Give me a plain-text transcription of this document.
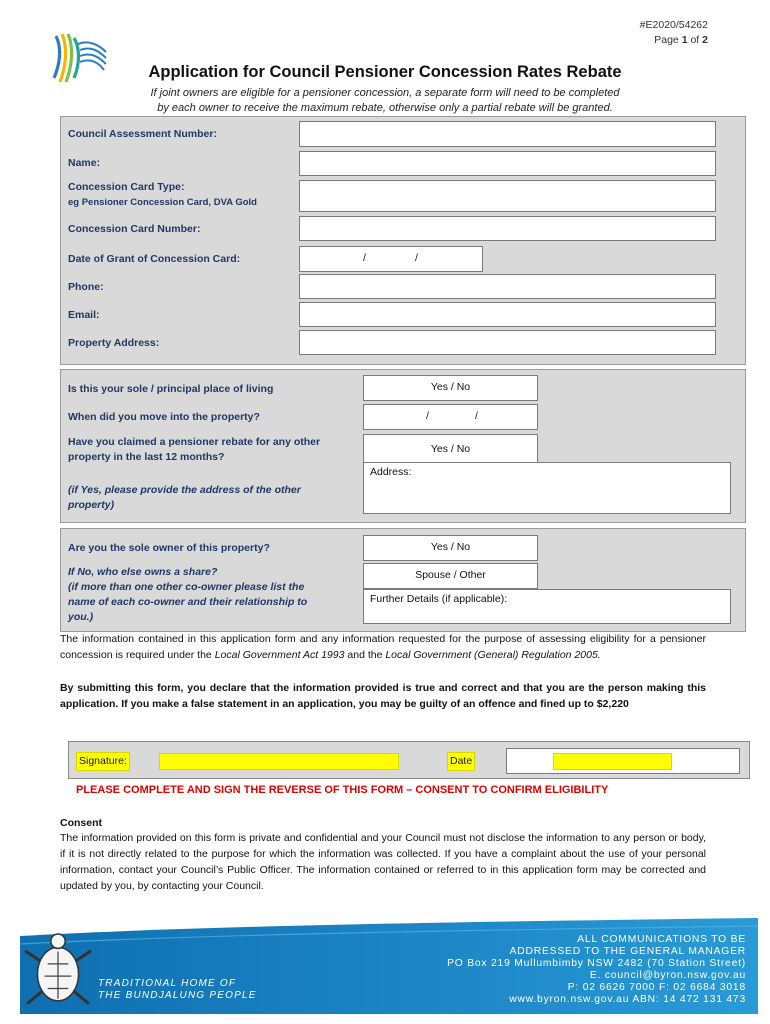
#E2020/54262
Page 1 of 2
Application for Council Pensioner Concession Rates Rebate
If joint owners are eligible for a pensioner concession, a separate form will need to be completed
by each owner to receive the maximum rebate, otherwise only a partial rebate will be granted.
Council Assessment Number:
Name:
Concession Card Type:
eg Pensioner Concession Card, DVA Gold
Concession Card Number:
Date of Grant of Concession Card:	/	/
Phone:
Email:
Property Address:
Is this your sole / principal place of living	Yes / No
When did you move into the property?	/	/
Have you claimed a pensioner rebate for any other
property in the last 12 months?
Yes / No
Address:
(if Yes, please provide the address of the other
property)
Are you the sole owner of this property?	Yes / No
If No, who else owns a share?
(if more than one other co-owner please list the
name of each co-owner and their relationship to
you.)
Spouse / Other
Further Details (if applicable):
The information contained in this application form and any information requested for the purpose of assessing eligibility for a pensioner concession is required under the Local Government Act 1993 and the Local Government (General) Regulation 2005.
By submitting this form, you declare that the information provided is true and correct and that you are the person making this application. If you make a false statement in an application, you may be guilty of an offence and fined up to $2,220
Signature:	Date
PLEASE COMPLETE AND SIGN THE REVERSE OF THIS FORM – CONSENT TO CONFIRM ELIGIBILITY
Consent
The information provided on this form is private and confidential and your Council must not disclose the information to any person or body, if it is not directly related to the purpose for which the information was collected. If you have a complaint about the use of your personal information, contact your Council’s Public Officer. The information contained or referred to in this application form may be corrected and updated by you, by contacting your Council.
TRADITIONAL HOME OF
THE BUNDJALUNG PEOPLE
ALL COMMUNICATIONS TO BE
ADDRESSED TO THE GENERAL MANAGER
PO Box 219 Mullumbimby NSW 2482 (70 Station Street)
E. council@byron.nsw.gov.au
P: 02 6626 7000 F: 02 6684 3018
www.byron.nsw.gov.au ABN: 14 472 131 473
